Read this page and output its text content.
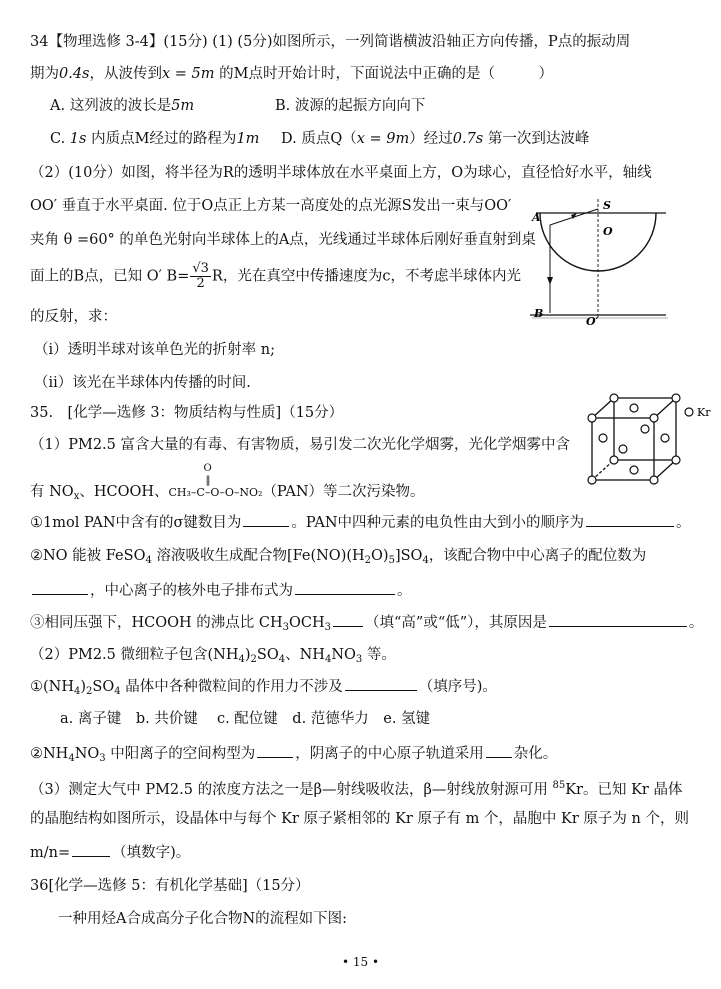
34【物理选修 3-4】(15分) (1) (5分)如图所示，一列简谐横波沿轴正方向传播，P点的振动周
期为0.4s，从波传到x = 5m 的M点时开始计时，下面说法中正确的是（　　　）
A. 这列波的波长是5m	B. 波源的起振方向向下
C. 1s 内质点M经过的路程为1m D. 质点Q（x = 9m）经过0.7s 第一次到达波峰
（2）(10分）如图，将半径为R的透明半球体放在水平桌面上方，O为球心，直径恰好水平，轴线
OO′ 垂直于水平桌面. 位于O点正上方某一高度处的点光源S发出一束与OO′
夹角 θ =60° 的单色光射向半球体上的A点，光线通过半球体后刚好垂直射到桌
面上的B点，已知 O′ $B= \frac{√3}{2}$ R，光在真空中传播速度为c，不考虑半球体内光
的反射，求：
（i）透明半球对该单色光的折射率 n;
（ii）该光在半球体内传播的时间.
A
S
O
B
O′
35.　[化学—选修 3：物质结构与性质]（15分）
（1）PM2.5 富含大量的有毒、有害物质，易引发二次光化学烟雾，光化学烟雾中含
有 $NO_x$、HCOOH、
O
‖
CH₃–C–O–O–NO₂（PAN）等二次污染物。
①1mol PAN中含有的σ键数目为	。PAN中四种元素的电负性由大到小的顺序为	。
②NO 能被 FeSO$_4$ 溶液吸收生成配合物$[Fe(NO)(H_2O)_5]SO_4$，该配合物中中心离子的配位数为
，中心离子的核外电子排布式为	。
③相同压强下，HCOOH 的沸点比 $CH_3OCH_3$ （填“高”或“低”），其原因是	。
（2）PM2.5 微细粒子包含$(NH_4)_2SO_4$、$NH_4NO_3$ 等。
$①(NH_4)_2SO_4$ 晶体中各种微粒间的作用力不涉及	（填序号)。
a. 离子键　b. 共价键　 c. 配位键　d. 范德华力　e. 氢键
$②NH_4NO_3$ 中阳离子的空间构型为	，阴离子的中心原子轨道采用 杂化。
（3）测定大气中 PM2.5 的浓度方法之一是β—射线吸收法，β—射线放射源可用 $^{85}$Kr。已知 Kr 晶体
的晶胞结构如图所示，设晶体中与每个 Kr 原子紧相邻的 Kr 原子有 m 个，晶胞中 Kr 原子为 n 个，则
m/n=	（填数字)。
Kr
36[化学—选修 5：有机化学基础]（15分）
一种用烃A合成高分子化合物N的流程如下图:
• 15 •
